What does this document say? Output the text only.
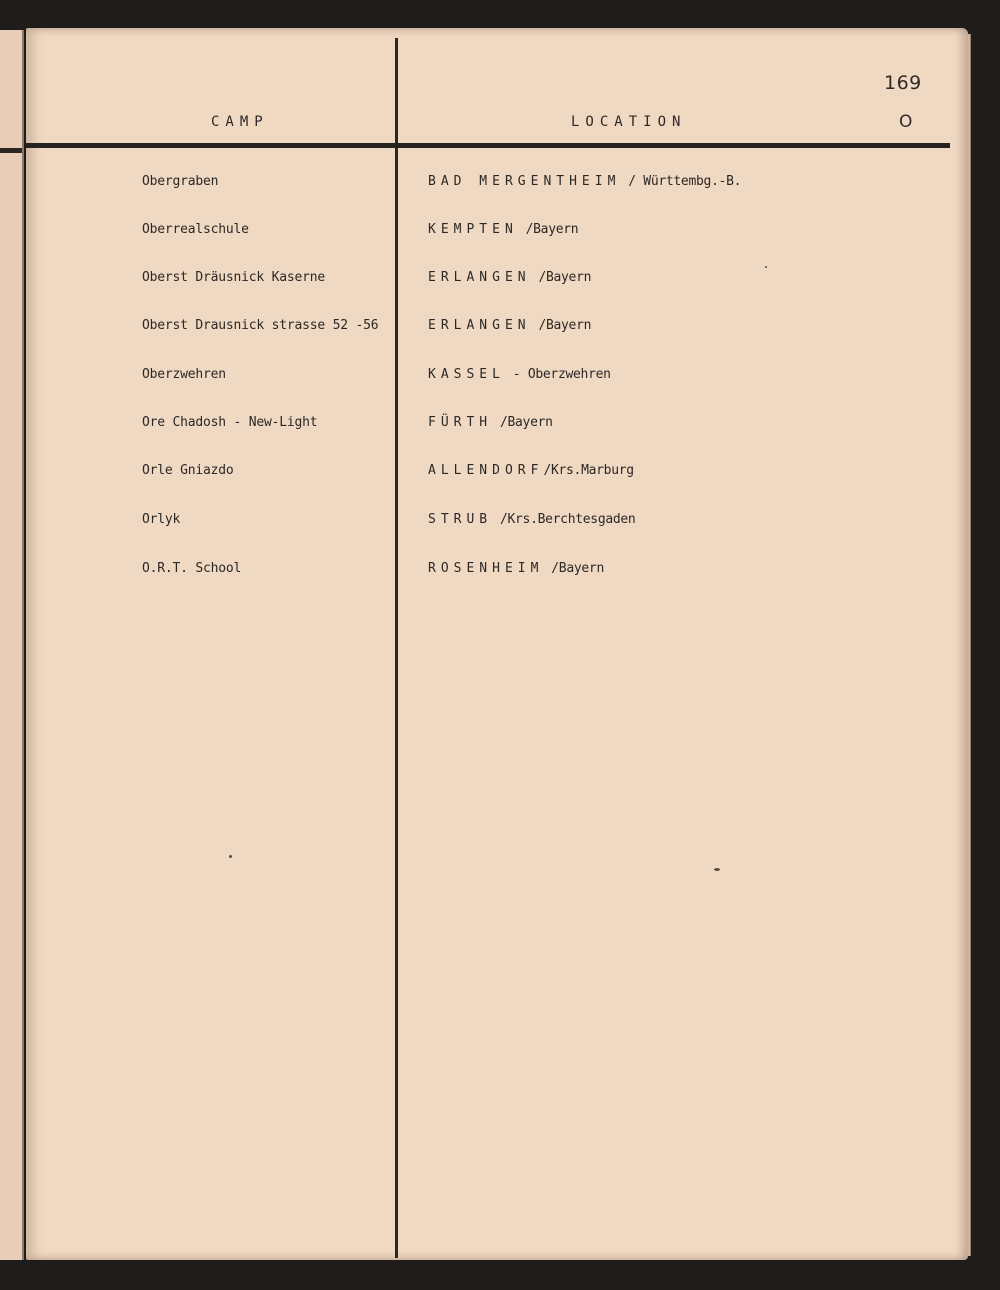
169
O
CAMP	LOCATION
Obergraben	BAD MERGENTHEIM / Württembg.-B.
Oberrealschule	KEMPTEN /Bayern
Oberst Dräusnick Kaserne	ERLANGEN /Bayern
Oberst Drausnick strasse 52 -56	ERLANGEN /Bayern
Oberzwehren	KASSEL - Oberzwehren
Ore Chadosh - New-Light	FÜRTH /Bayern
Orle Gniazdo	ALLENDORF/Krs.Marburg
Orlyk	STRUB /Krs.Berchtesgaden
O.R.T. School	ROSENHEIM /Bayern
